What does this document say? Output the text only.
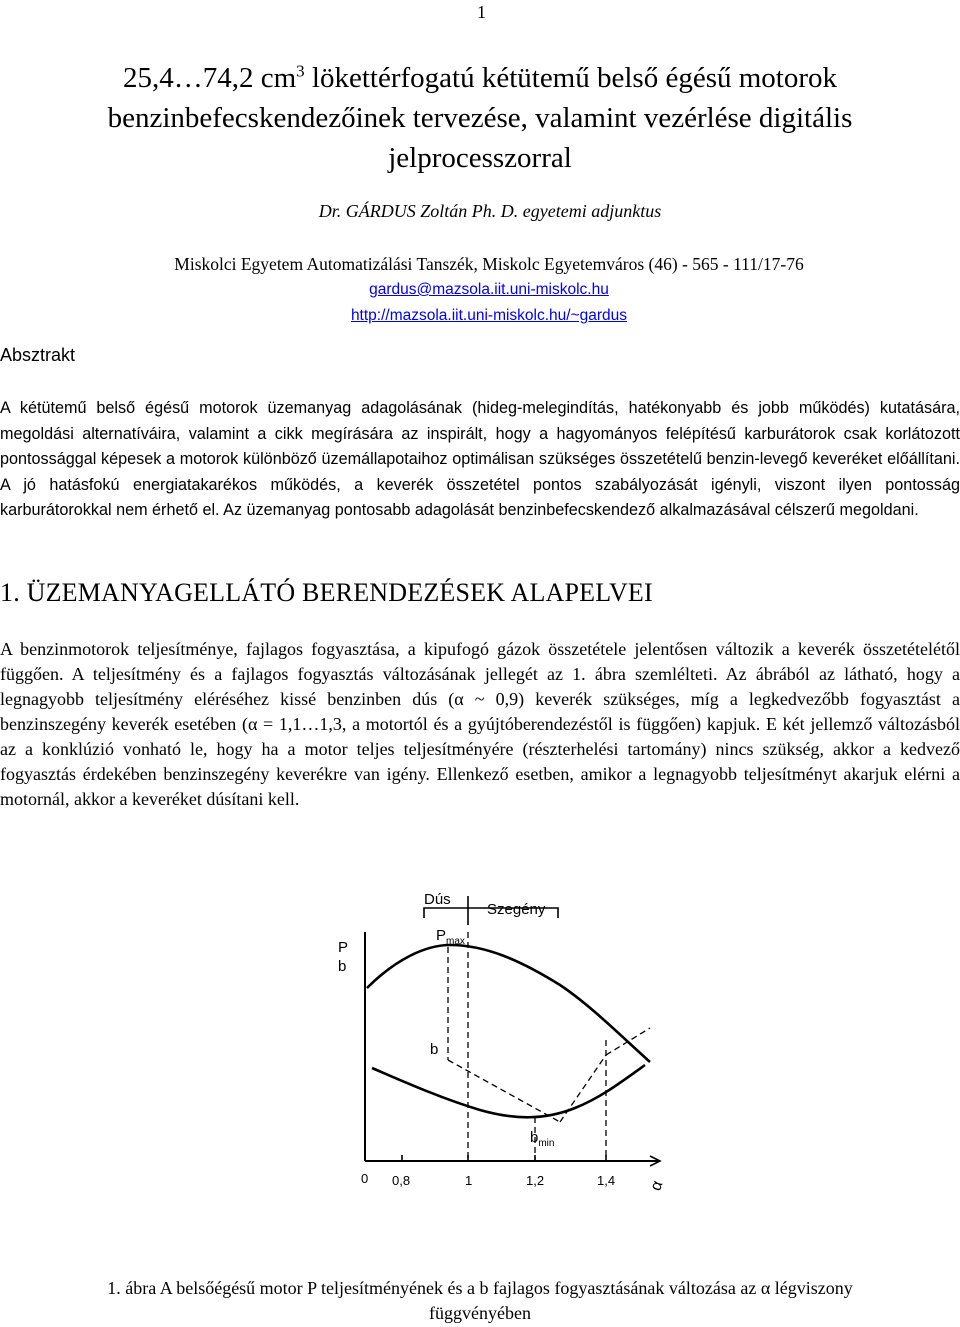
1
25,4…74,2 $cm^3$ lökettérfogatú kétütemű belső égésű motorok
benzinbefecskendezőinek tervezése, valamint vezérlése digitális
jelprocesszorral
Dr. GÁRDUS Zoltán Ph. D. egyetemi adjunktus
Miskolci Egyetem Automatizálási Tanszék, Miskolc Egyetemváros (46) - 565 - 111/17-76
gardus@mazsola.iit.uni-miskolc.hu
http://mazsola.iit.uni-miskolc.hu/~gardus
Absztrakt
A kétütemű belső égésű motorok üzemanyag adagolásának (hideg-melegindítás, hatékonyabb és jobb működés) kutatására, megoldási alternatíváira, valamint a cikk megírására az inspirált, hogy a hagyományos felépítésű karburátorok csak korlátozott pontossággal képesek a motorok különböző üzemállapotaihoz optimálisan szükséges összetételű benzin-levegő keveréket előállítani. A jó hatásfokú energiatakarékos működés, a keverék összetétel pontos szabályozását igényli, viszont ilyen pontosság karburátorokkal nem érhető el. Az üzemanyag pontosabb adagolását benzinbefecskendező alkalmazásával célszerű megoldani.
1. ÜZEMANYAGELLÁTÓ BERENDEZÉSEK ALAPELVEI
A benzinmotorok teljesítménye, fajlagos fogyasztása, a kipufogó gázok összetétele jelentősen változik a keverék összetételétől függően. A teljesítmény és a fajlagos fogyasztás változásának jellegét az 1. ábra szemlélteti. Az ábrából az látható, hogy a legnagyobb teljesítmény eléréséhez kissé benzinben dús (α ~ 0,9) keverék szükséges, míg a legkedvezőbb fogyasztást a benzinszegény keverék esetében (α = 1,1…1,3, a motortól és a gyújtóberendezéstől is függően) kapjuk. E két jellemző változásból az a konklúzió vonható le, hogy ha a motor teljes teljesítményére (részterhelési tartomány) nincs szükség, akkor a kedvező fogyasztás érdekében benzinszegény keverékre van igény. Ellenkező esetben, amikor a legnagyobb teljesítményt akarjuk elérni a motornál, akkor a keveréket dúsítani kell.
Dús
Szegény
P
b
$P_{max}$
b
$b_{min}$
0 0,8	1	1,2	1,4 α
1. ábra A belsőégésű motor P teljesítményének és a b fajlagos fogyasztásának változása az α légviszony
függvényében
